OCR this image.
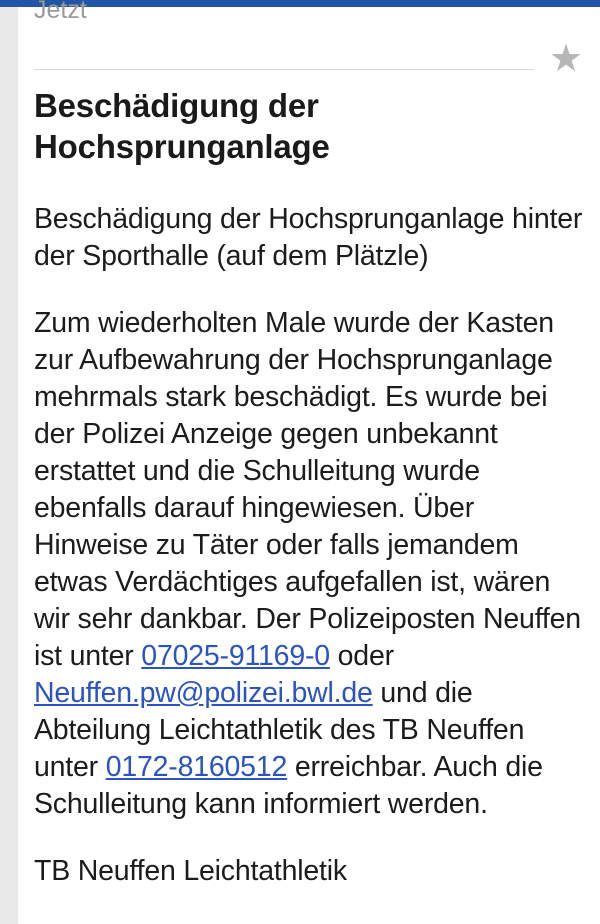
Jetzt
★
Beschädigung der Hochsprunganlage

Beschädigung der Hochsprunganlage hinter der Sporthalle (auf dem Plätzle)

Zum wiederholten Male wurde der Kasten zur Aufbewahrung der Hochsprunganlage mehrmals stark beschädigt. Es wurde bei der Polizei Anzeige gegen unbekannt erstattet und die Schulleitung wurde ebenfalls darauf hingewiesen. Über Hinweise zu Täter oder falls jemandem etwas Verdächtiges aufgefallen ist, wären wir sehr dankbar. Der Polizeiposten Neuffen ist unter 07025-91169-0 oder Neuffen.pw@polizei.bwl.de und die Abteilung Leichtathletik des TB Neuffen unter 0172-8160512 erreichbar. Auch die Schulleitung kann informiert werden.

TB Neuffen Leichtathletik
